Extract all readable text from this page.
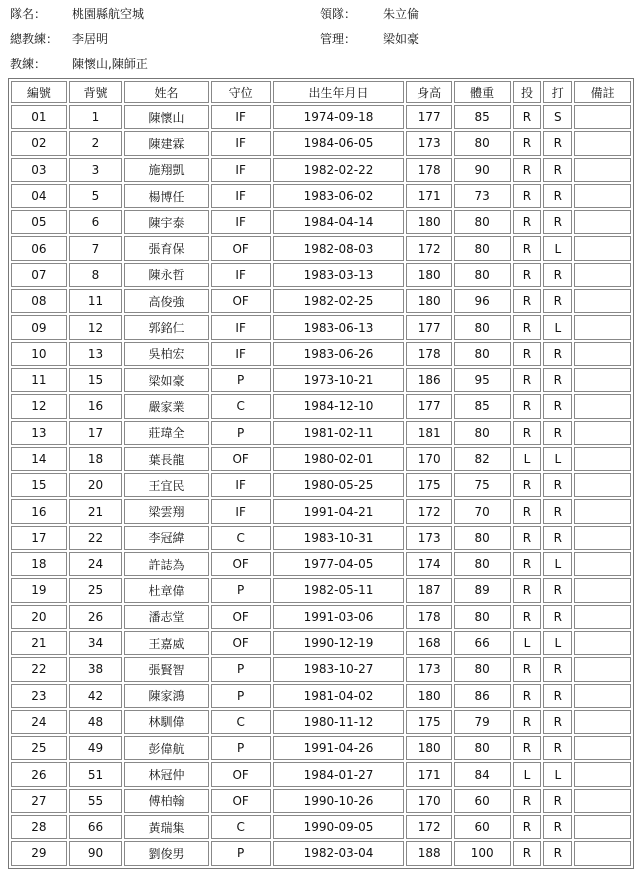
隊名： 桃園縣航空城	領隊： 朱立倫
總教練： 李居明	管理： 梁如豪
教練： 陳懷山,陳師正
編號	背號	姓名	守位	出生年月日	身高	體重	投	打	備註
01	1	陳懷山	IF	1974-09-18	177	85	R	S	
02	2	陳建霖	IF	1984-06-05	173	80	R	R	
03	3	施翔凱	IF	1982-02-22	178	90	R	R	
04	5	楊博任	IF	1983-06-02	171	73	R	R	
05	6	陳宇泰	IF	1984-04-14	180	80	R	R	
06	7	張育保	OF	1982-08-03	172	80	R	L	
07	8	陳永哲	IF	1983-03-13	180	80	R	R	
08	11	高俊強	OF	1982-02-25	180	96	R	R	
09	12	郭銘仁	IF	1983-06-13	177	80	R	L	
10	13	吳柏宏	IF	1983-06-26	178	80	R	R	
11	15	梁如豪	P	1973-10-21	186	95	R	R	
12	16	嚴家業	C	1984-12-10	177	85	R	R	
13	17	莊瑋全	P	1981-02-11	181	80	R	R	
14	18	葉長龍	OF	1980-02-01	170	82	L	L	
15	20	王宜民	IF	1980-05-25	175	75	R	R	
16	21	梁雲翔	IF	1991-04-21	172	70	R	R	
17	22	李冠緯	C	1983-10-31	173	80	R	R	
18	24	許誌為	OF	1977-04-05	174	80	R	L	
19	25	杜章偉	P	1982-05-11	187	89	R	R	
20	26	潘志堂	OF	1991-03-06	178	80	R	R	
21	34	王嘉威	OF	1990-12-19	168	66	L	L	
22	38	張賢智	P	1983-10-27	173	80	R	R	
23	42	陳家鴻	P	1981-04-02	180	86	R	R	
24	48	林馴偉	C	1980-11-12	175	79	R	R	
25	49	彭偉航	P	1991-04-26	180	80	R	R	
26	51	林冠仲	OF	1984-01-27	171	84	L	L	
27	55	傅柏翰	OF	1990-10-26	170	60	R	R	
28	66	黃瑞集	C	1990-09-05	172	60	R	R	
29	90	劉俊男	P	1982-03-04	188	100	R	R	
